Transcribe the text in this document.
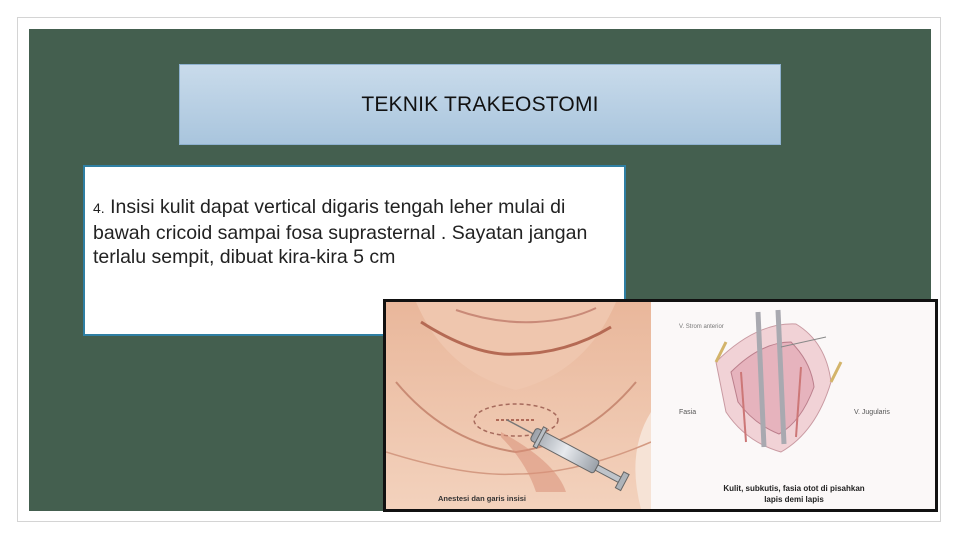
TEKNIK TRAKEOSTOMI
4. Insisi kulit dapat vertical digaris tengah leher mulai di bawah cricoid sampai fosa suprasternal . Sayatan jangan terlalu sempit, dibuat kira-kira 5 cm
Anestesi dan garis insisi
V. Strom anterior
Fasia	V. Jugularis
Kulit, subkutis, fasia otot di pisahkan
lapis demi lapis
